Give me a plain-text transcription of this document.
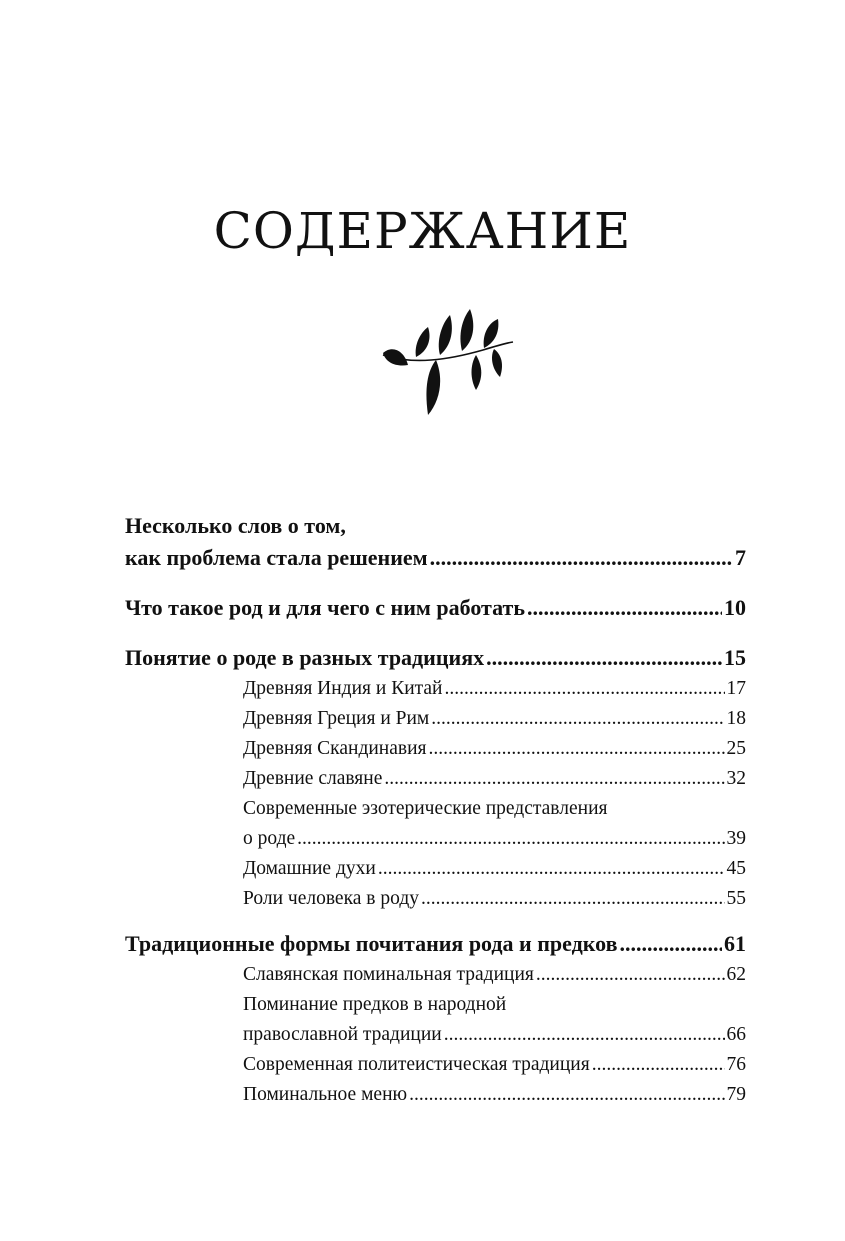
СОДЕРЖАНИЕ
Несколько слов о том,
как проблема стала решением .....	7
Что такое род и для чего с ним работать .....	10
Понятие о роде в разных традициях .....	15
Древняя Индия и Китай .....	17
Древняя Греция и Рим .....	18
Древняя Скандинавия .....	25
Древние славяне .....	32
Современные эзотерические представления
о роде .....	39
Домашние духи .....	45
Роли человека в роду .....	55
Традиционные формы почитания рода и предков .....	61
Славянская поминальная традиция .....	62
Поминание предков в народной
православной традиции .....	66
Современная политеистическая традиция .....	76
Поминальное меню .....	79
